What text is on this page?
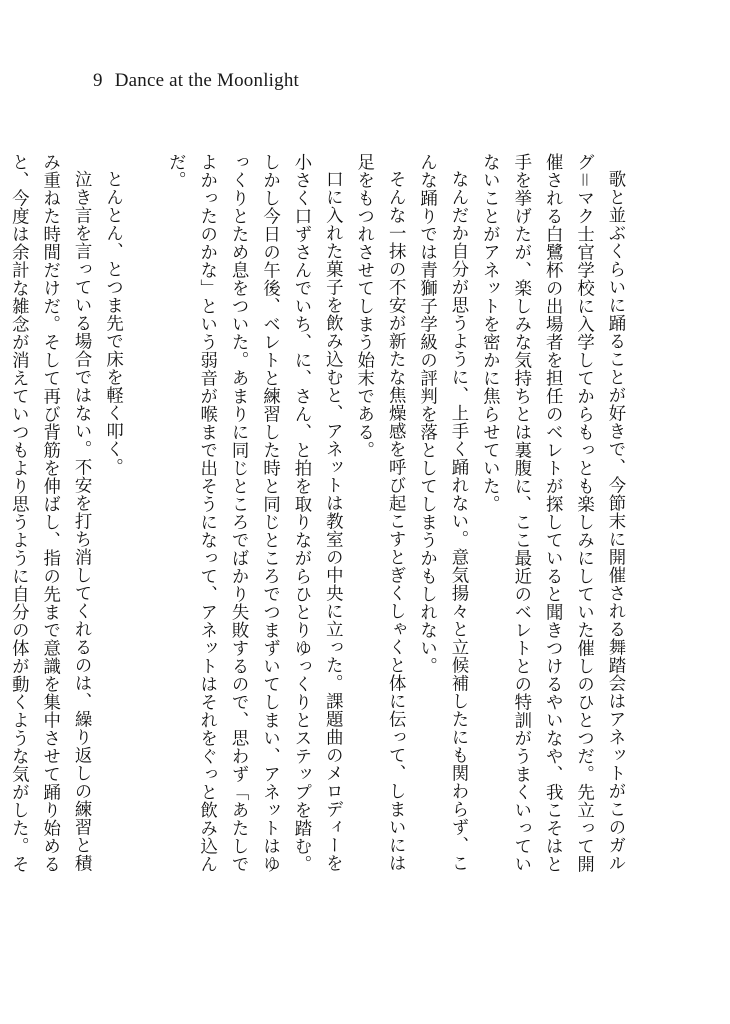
9 Dance at the Moonlight

歌と並ぶくらいに踊ることが好きで、今節末に開催される舞踏会はアネットがこのガルグ＝マク士官学校に入学してからもっとも楽しみにしていた催しのひとつだ。先立って開催される白鷺杯の出場者を担任のベレトが探していると聞きつけるやいなや、我こそはと手を挙げたが、楽しみな気持ちとは裏腹に、ここ最近のベレトとの特訓がうまくいっていないことがアネットを密かに焦らせていた。

なんだか自分が思うように、上手く踊れない。意気揚々と立候補したにも関わらず、こんな踊りでは青獅子学級の評判を落としてしまうかもしれない。

そんな一抹の不安が新たな焦燥感を呼び起こすとぎくしゃくと体に伝って、しまいには足をもつれさせてしまう始末である。

口に入れた菓子を飲み込むと、アネットは教室の中央に立った。課題曲のメロディーを小さく口ずさんでいち、に、さん、と拍を取りながらひとりゆっくりとステップを踏む。しかし今日の午後、ベレトと練習した時と同じところでつまずいてしまい、アネットはゆっくりとため息をついた。あまりに同じところでばかり失敗するので、思わず「あたしでよかったのかな」という弱音が喉まで出そうになって、アネットはそれをぐっと飲み込んだ。

とんとん、とつま先で床を軽く叩く。

泣き言を言っている場合ではない。不安を打ち消してくれるのは、繰り返しの練習と積み重ねた時間だけだ。そして再び背筋を伸ばし、指の先まで意識を集中させて踊り始めると、今度は余計な雑念が消えていつもより思うように自分の体が動くような気がした。そ
